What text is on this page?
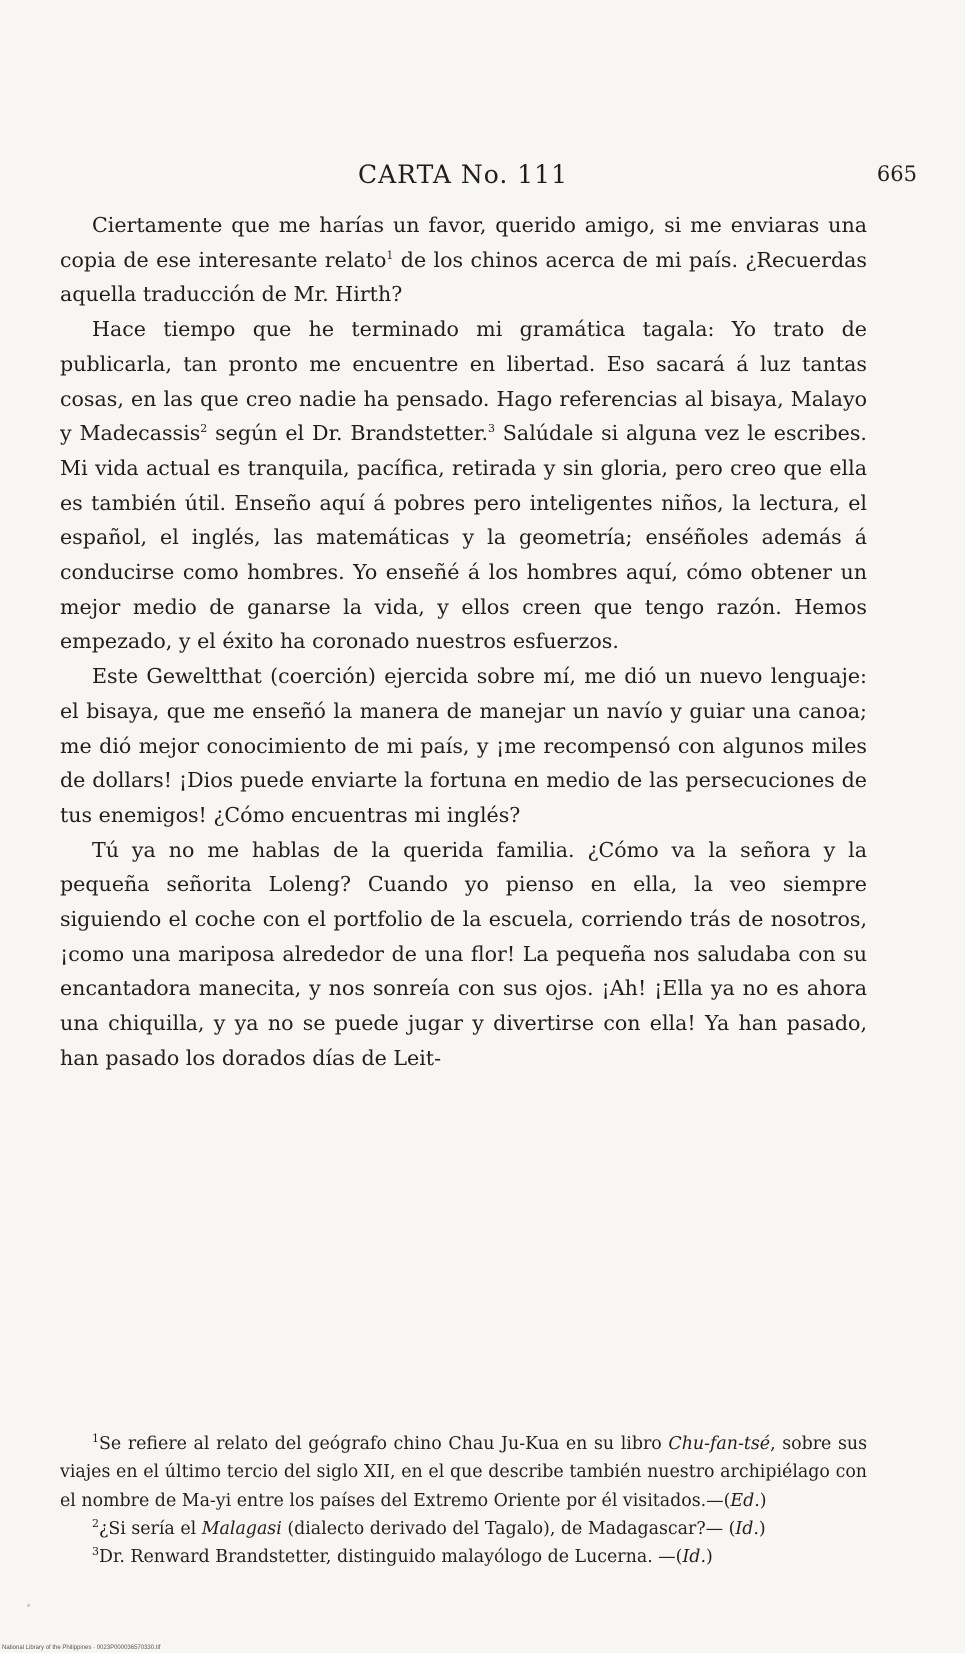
CARTA No. 111	665

Ciertamente que me harías un favor, querido amigo, si me enviaras una copia de ese interesante relato$^1$ de los chinos acerca de mi país. ¿Recuerdas aquella traducción de Mr. Hirth?

Hace tiempo que he terminado mi gramática tagala: Yo trato de publicarla, tan pronto me encuentre en libertad. Eso sacará á luz tantas cosas, en las que creo nadie ha pensado. Hago referencias al bisaya, Malayo y Madecassis$^2$ según el Dr. Brandstetter.$^3$ Salúdale si alguna vez le escribes. Mi vida actual es tranquila, pacífica, retirada y sin gloria, pero creo que ella es también útil. Enseño aquí á pobres pero inteligentes niños, la lectura, el español, el inglés, las matemáticas y la geometría; enséñoles además á conducirse como hombres. Yo enseñé á los hombres aquí, cómo obtener un mejor medio de ganarse la vida, y ellos creen que tengo razón. Hemos empezado, y el éxito ha coronado nuestros esfuerzos.

Este Geweltthat (coerción) ejercida sobre mí, me dió un nuevo lenguaje: el bisaya, que me enseñó la manera de manejar un navío y guiar una canoa; me dió mejor conocimiento de mi país, y ¡me recompensó con algunos miles de dollars! ¡Dios puede enviarte la fortuna en medio de las persecuciones de tus enemigos! ¿Cómo encuentras mi inglés?

Tú ya no me hablas de la querida familia. ¿Cómo va la señora y la pequeña señorita Loleng? Cuando yo pienso en ella, la veo siempre siguiendo el coche con el portfolio de la escuela, corriendo trás de nosotros, ¡como una mariposa alrededor de una flor! La pequeña nos saludaba con su encantadora manecita, y nos sonreía con sus ojos. ¡Ah! ¡Ella ya no es ahora una chiquilla, y ya no se puede jugar y divertirse con ella! Ya han pasado, han pasado los dorados días de Leit-

$^1$Se refiere al relato del geógrafo chino Chau Ju-Kua en su libro Chu-fan-tsé, sobre sus viajes en el último tercio del siglo XII, en el que describe también nuestro archipiélago con el nombre de Ma-yi entre los países del Extremo Oriente por él visitados.—(Ed.)

$^2$¿Si sería el Malagasi (dialecto derivado del Tagalo), de Madagascar?— (Id.)

$^3$Dr. Renward Brandstetter, distinguido malayólogo de Lucerna. —(Id.)

National Library of the Philippines · 0023P000036570330.tif
